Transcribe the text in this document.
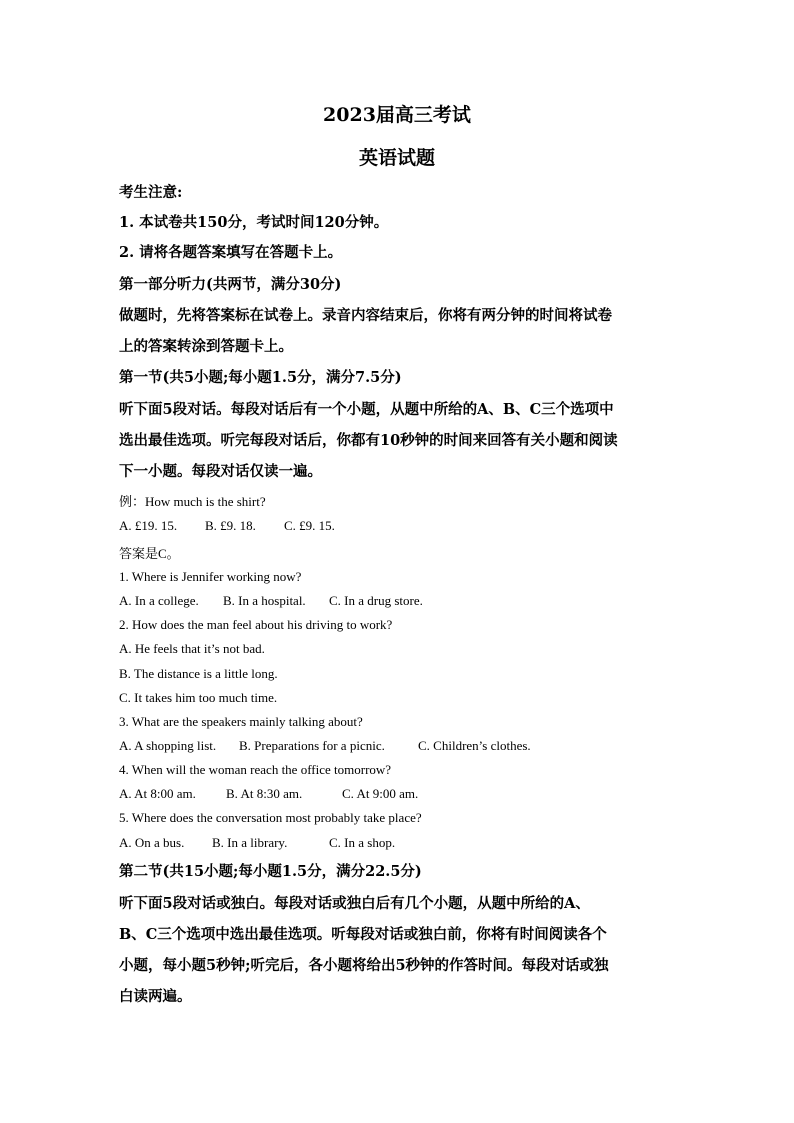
2023届高三考试
英语试题
考生注意:
1. 本试卷共150分，考试时间120分钟。
2. 请将各题答案填写在答题卡上。
第一部分听力(共两节，满分30分)
做题时，先将答案标在试卷上。录音内容结束后，你将有两分钟的时间将试卷
上的答案转涂到答题卡上。
第一节(共5小题;每小题1.5分，满分7.5分)
听下面5段对话。每段对话后有一个小题，从题中所给的A、B、C三个选项中
选出最佳选项。听完每段对话后，你都有10秒钟的时间来回答有关小题和阅读
下一小题。每段对话仅读一遍。
例：How much is the shirt?
A. £19. 15. B. £9. 18. C. £9. 15.
答案是C。
1. Where is Jennifer working now?
A. In a college. B. In a hospital. C. In a drug store.
2. How does the man feel about his driving to work?
A. He feels that it’s not bad.
B. The distance is a little long.
C. It takes him too much time.
3. What are the speakers mainly talking about?
A. A shopping list. B. Preparations for a picnic.	C. Children’s clothes.
4. When will the woman reach the office tomorrow?
A. At 8:00 am. B. At 8:30 am.	C. At 9:00 am.
5. Where does the conversation most probably take place?
A. On a bus. B. In a library.	C. In a shop.
第二节(共15小题;每小题1.5分，满分22.5分)
听下面5段对话或独白。每段对话或独白后有几个小题，从题中所给的A、
B、C三个选项中选出最佳选项。听每段对话或独白前，你将有时间阅读各个
小题，每小题5秒钟;听完后，各小题将给出5秒钟的作答时间。每段对话或独
白读两遍。
